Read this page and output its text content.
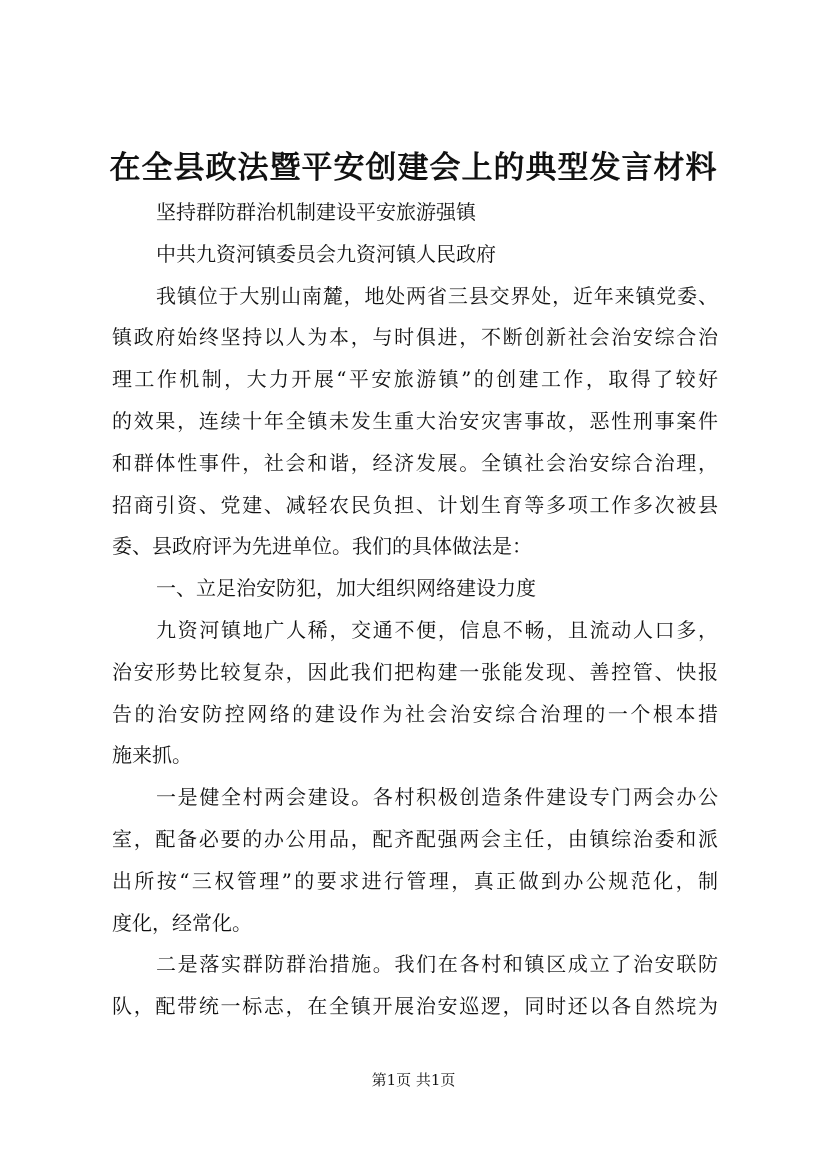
在全县政法暨平安创建会上的典型发言材料

坚持群防群治机制建设平安旅游强镇

中共九资河镇委员会九资河镇人民政府

我镇位于大别山南麓，地处两省三县交界处，近年来镇党委、

镇政府始终坚持以人为本，与时俱进，不断创新社会治安综合治

理工作机制，大力开展“平安旅游镇”的创建工作，取得了较好

的效果，连续十年全镇未发生重大治安灾害事故，恶性刑事案件

和群体性事件，社会和谐，经济发展。全镇社会治安综合治理，

招商引资、党建、减轻农民负担、计划生育等多项工作多次被县

委、县政府评为先进单位。我们的具体做法是：

一、立足治安防犯，加大组织网络建设力度

九资河镇地广人稀，交通不便，信息不畅，且流动人口多，

治安形势比较复杂，因此我们把构建一张能发现、善控管、快报

告的治安防控网络的建设作为社会治安综合治理的一个根本措

施来抓。

一是健全村两会建设。各村积极创造条件建设专门两会办公

室，配备必要的办公用品，配齐配强两会主任，由镇综治委和派

出所按“三权管理”的要求进行管理，真正做到办公规范化，制

度化，经常化。

二是落实群防群治措施。我们在各村和镇区成立了治安联防

队，配带统一标志，在全镇开展治安巡逻，同时还以各自然垸为

第1页 共1页
